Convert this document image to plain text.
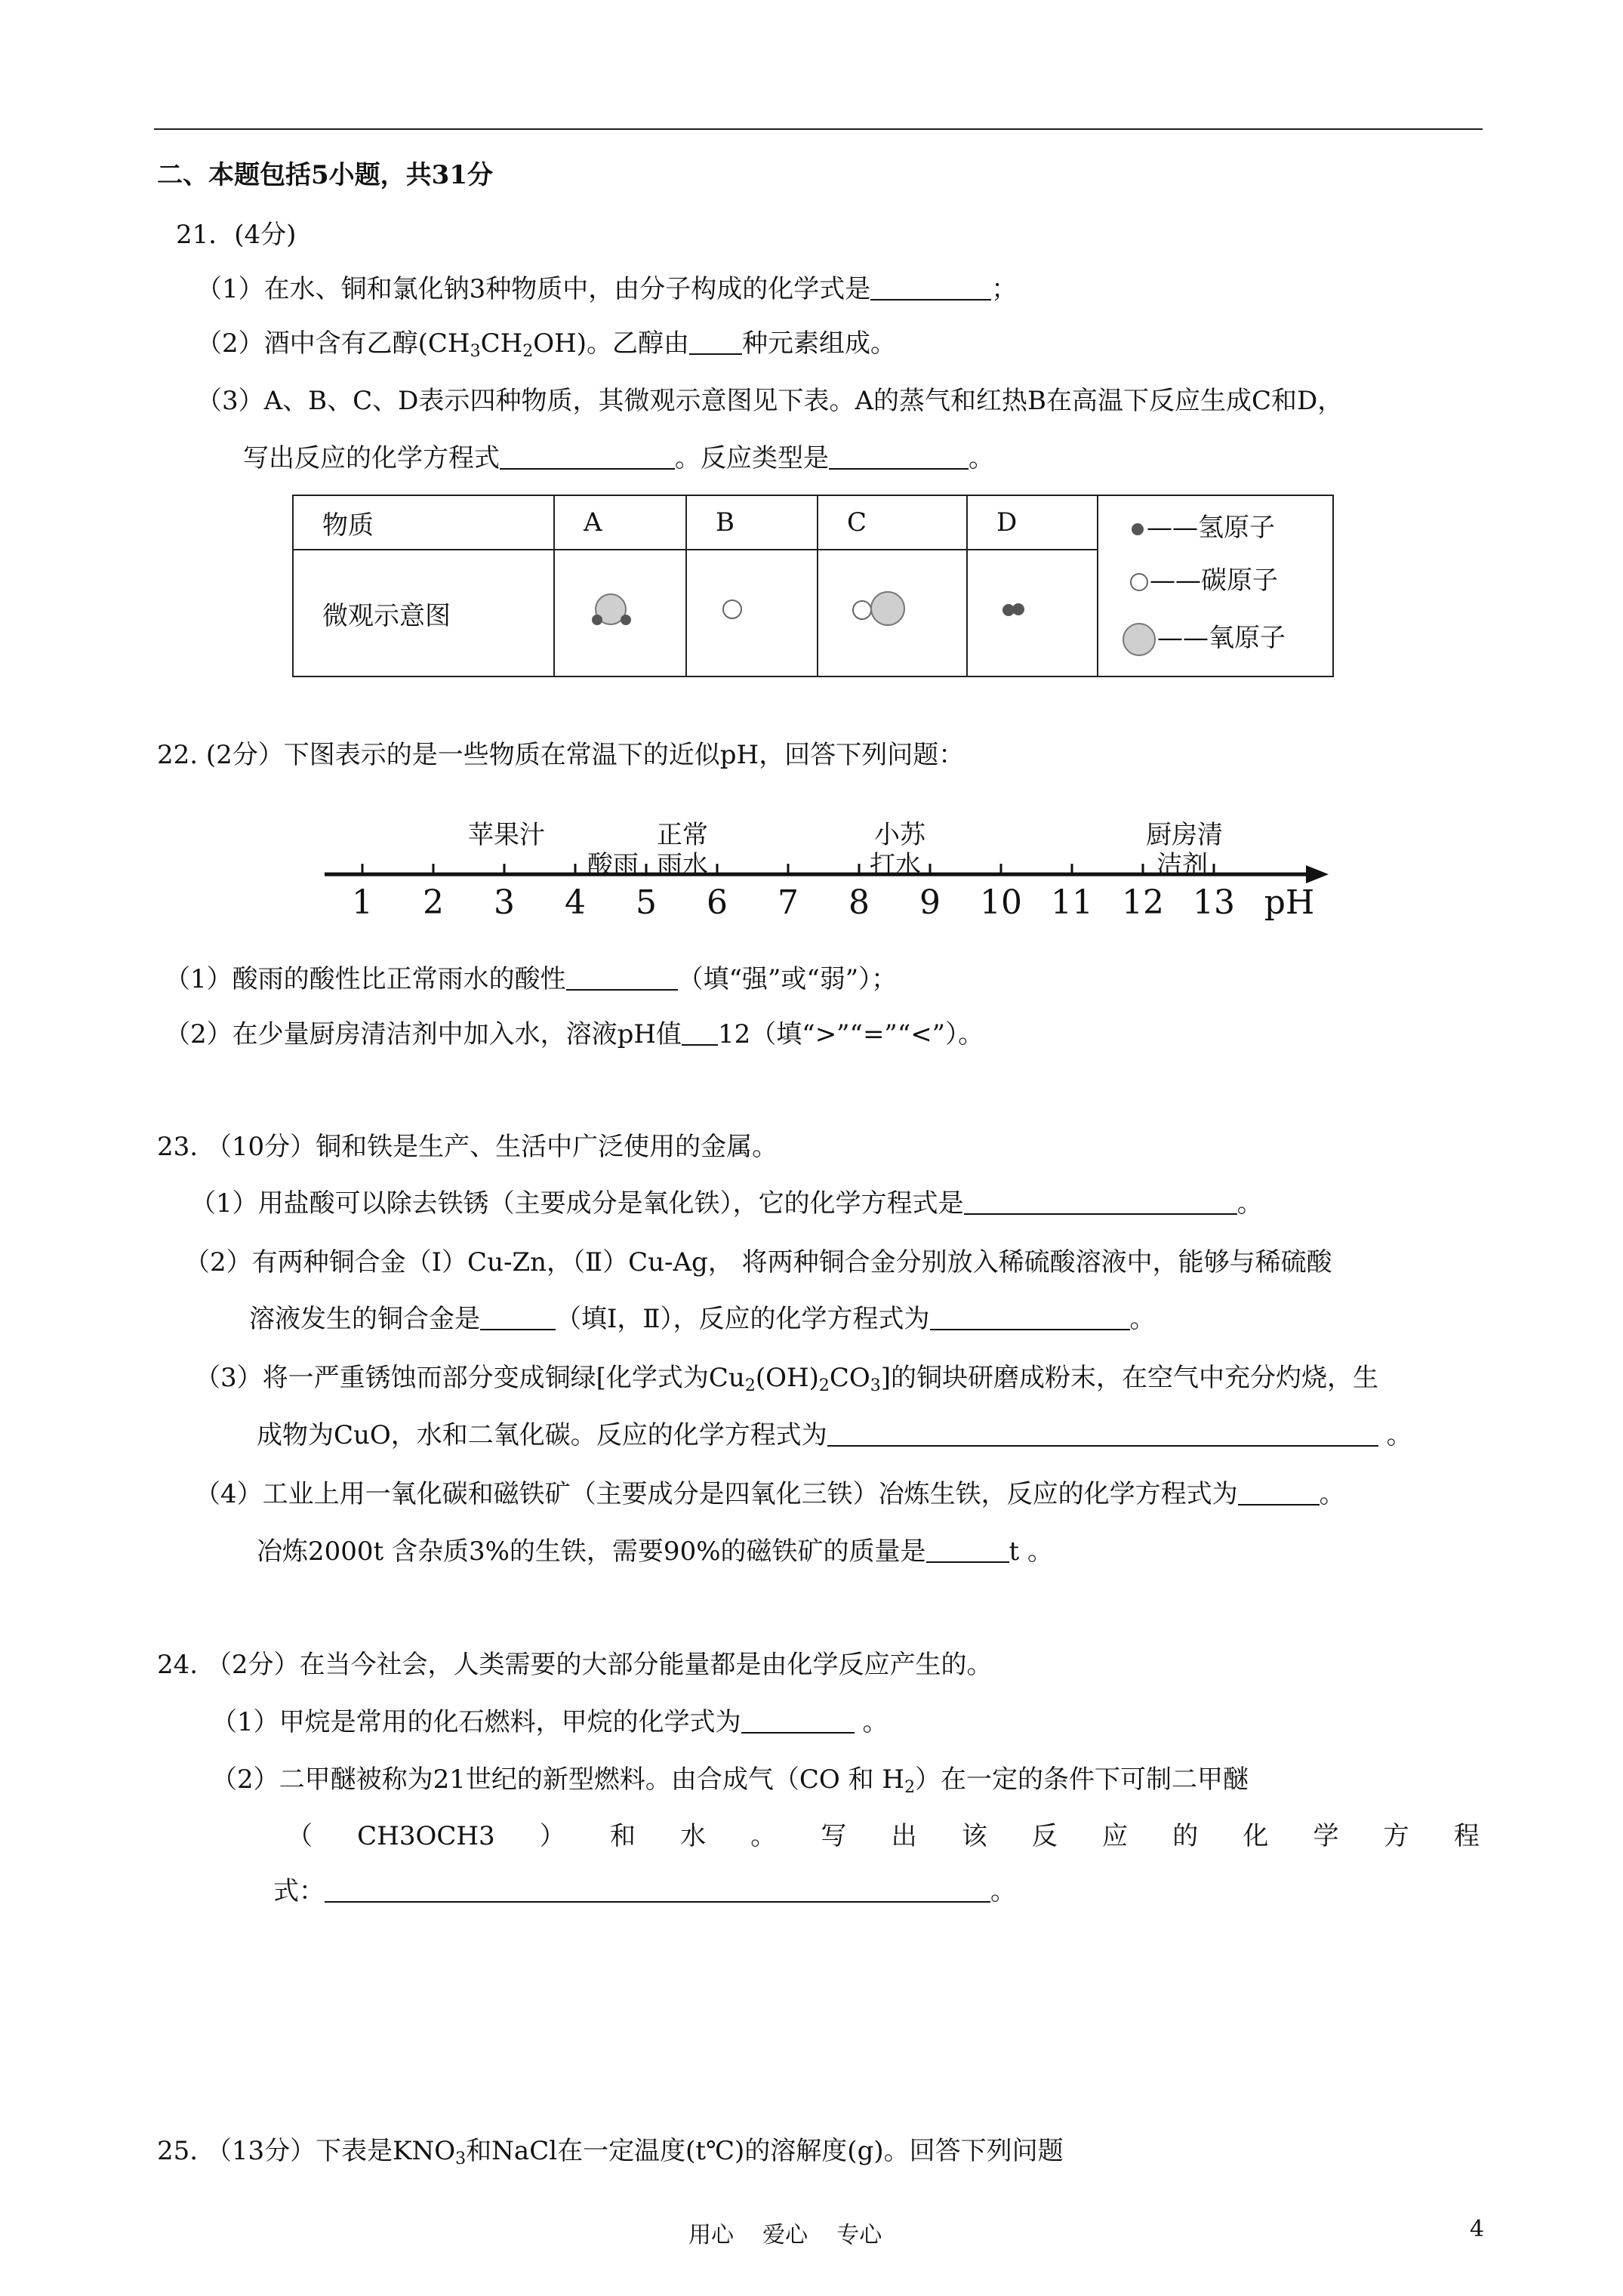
二、本题包括5小题，共31分
21．(4分)
（1）在水、铜和氯化钠3种物质中，由分子构成的化学式是	；
（2）酒中含有乙醇$(CH_3CH_2OH)$。乙醇由 种元素组成。
（3）A、B、C、D表示四种物质，其微观示意图见下表。A的蒸气和红热B在高温下反应生成C和D，
写出反应的化学方程式	。反应类型是	。
物质	A	B	C	D	——氢原子
——碳原子
——氧原子

微观示意图				
22. (2分）下图表示的是一些物质在常温下的近似pH，回答下列问题：
苹果汁
酸雨
正常
雨水
小苏
打水
厨房清
洁剂
1 2 3 4 5 6 7 8 9 10 11 12 13 pH
（1）酸雨的酸性比正常雨水的酸性	（填“强”或“弱”）；
（2）在少量厨房清洁剂中加入水，溶液pH值 12（填“>”“=”“<”）。
23. （10分）铜和铁是生产、生活中广泛使用的金属。
（1）用盐酸可以除去铁锈（主要成分是氧化铁），它的化学方程式是	。
（2）有两种铜合金（Ⅰ）Cu-Zn，（Ⅱ）Cu-Ag， 将两种铜合金分别放入稀硫酸溶液中，能够与稀硫酸
溶液发生的铜合金是	（填Ⅰ，Ⅱ），反应的化学方程式为	。
（3）将一严重锈蚀而部分变成铜绿[化学式为$Cu_2(OH)_2CO_3$]的铜块研磨成粉末，在空气中充分灼烧，生
成物为CuO，水和二氧化碳。反应的化学方程式为	。
（4）工业上用一氧化碳和磁铁矿（主要成分是四氧化三铁）冶炼生铁，反应的化学方程式为	。
冶炼2000t 含杂质3%的生铁，需要90%的磁铁矿的质量是	t 。
24. （2分）在当今社会，人类需要的大部分能量都是由化学反应产生的。
（1）甲烷是常用的化石燃料，甲烷的化学式为	。
（2）二甲醚被称为21世纪的新型燃料。由合成气（CO 和 $H_2$）在一定的条件下可制二甲醚
（ CH3OCH3 ） 和 水 。 写 出 该 反 应 的 化 学 方 程
式：	。
25. （13分）下表是$KNO_3$和NaCl在一定温度(t℃)的溶解度(g)。回答下列问题
用心    爱心    专心	4
